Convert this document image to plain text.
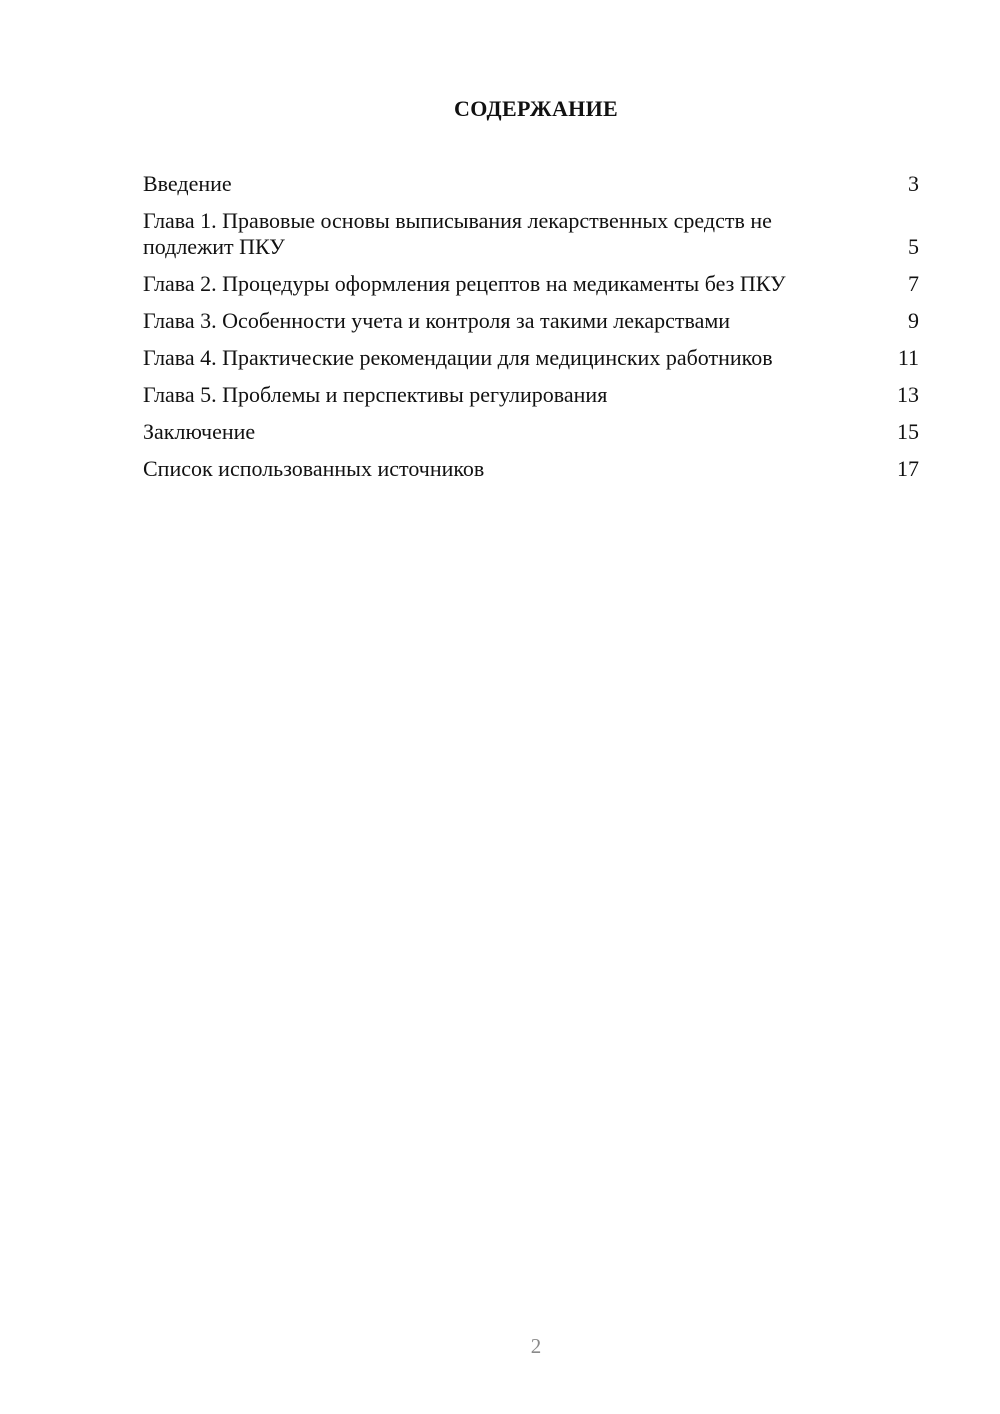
СОДЕРЖАНИЕ
Введение	3
Глава 1. Правовые основы выписывания лекарственных средств не подлежит ПКУ	5
Глава 2. Процедуры оформления рецептов на медикаменты без ПКУ	7
Глава 3. Особенности учета и контроля за такими лекарствами	9
Глава 4. Практические рекомендации для медицинских работников	11
Глава 5. Проблемы и перспективы регулирования	13
Заключение	15
Список использованных источников	17
2
